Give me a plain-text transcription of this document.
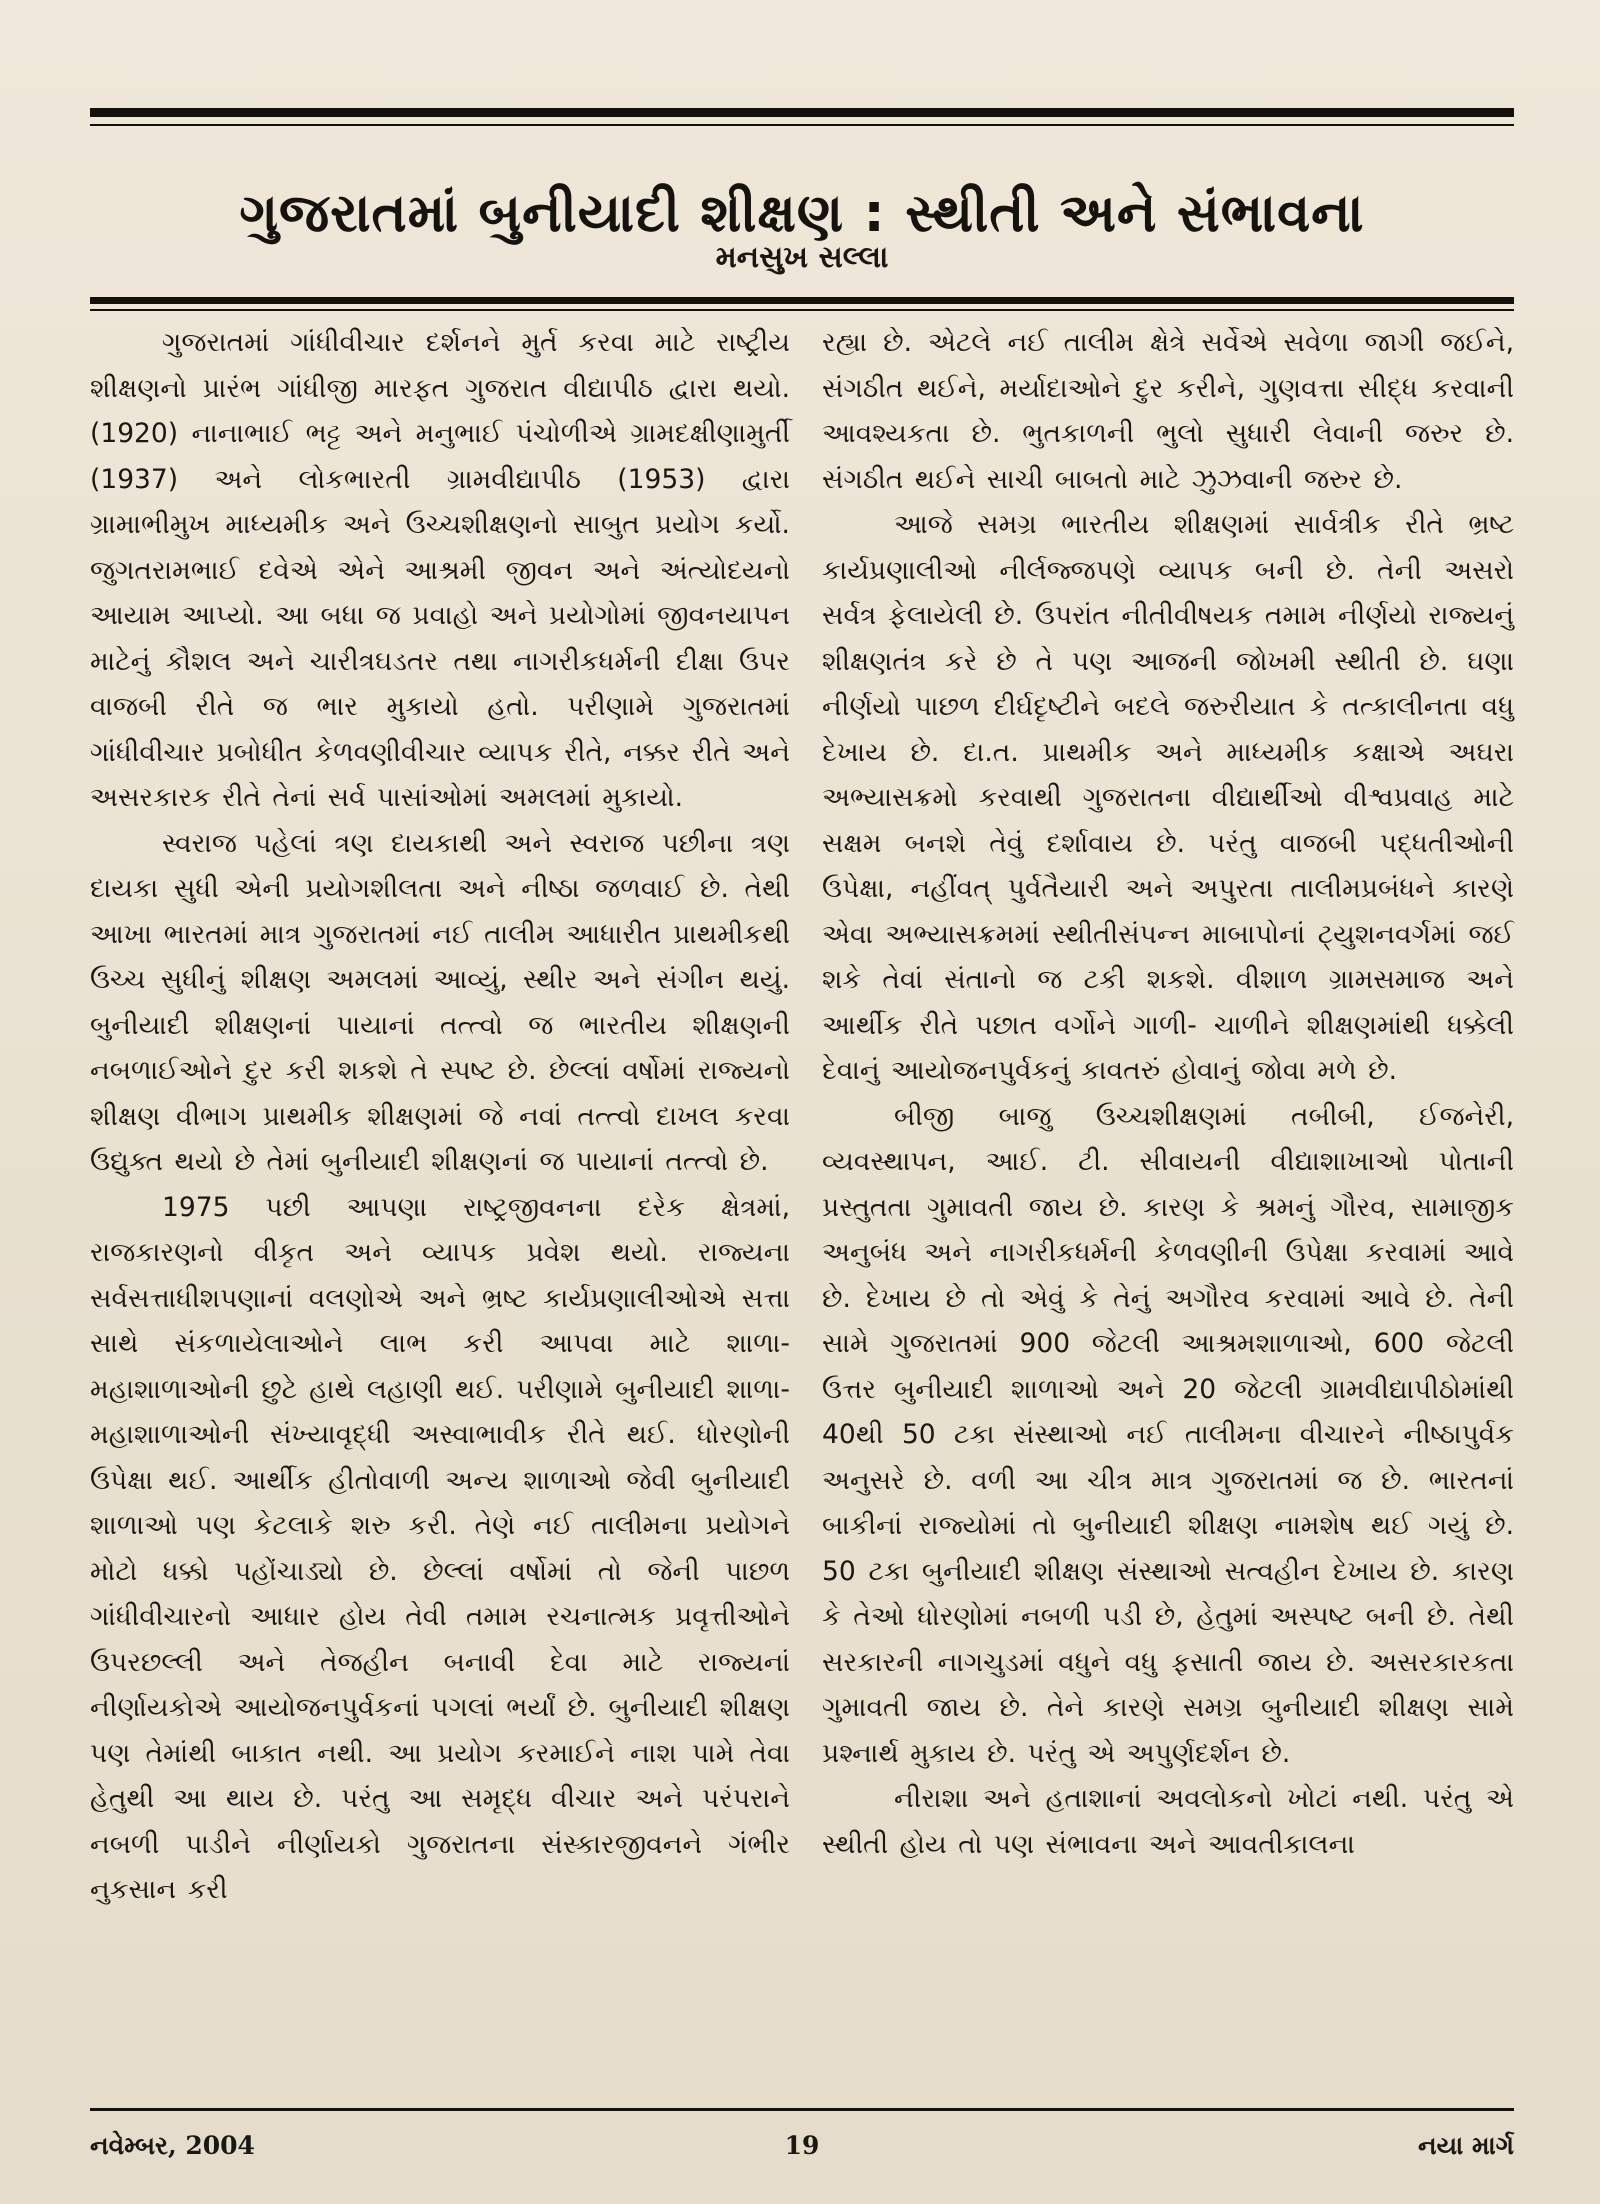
ગુજરાતમાં બુનીયાદી શીક્ષણ : સ્થીતી અને સંભાવના
મનસુખ સલ્લા

ગુજરાતમાં ગાંધીવીચાર દર્શનને મુર્ત કરવા માટે રાષ્ટ્રીય શીક્ષણનો પ્રારંભ ગાંધીજી મારફત ગુજરાત વીદ્યાપીઠ દ્વારા થયો. (1920) નાનાભાઈ ભટ્ટ અને મનુભાઈ પંચોળીએ ગ્રામદક્ષીણામુર્તી (1937) અને લોકભારતી ગ્રામવીદ્યાપીઠ (1953) દ્વારા ગ્રામાભીમુખ માધ્યમીક અને ઉચ્ચશીક્ષણનો સાબુત પ્રયોગ કર્યો. જુગતરામભાઈ દવેએ એને આશ્રમી જીવન અને અંત્યોદયનો આયામ આપ્યો. આ બધા જ પ્રવાહો અને પ્રયોગોમાં જીવનયાપન માટેનું કૌશલ અને ચારીત્રઘડતર તથા નાગરીકધર્મની દીક્ષા ઉપર વાજબી રીતે જ ભાર મુકાયો હતો. પરીણામે ગુજરાતમાં ગાંધીવીચાર પ્રબોધીત કેળવણીવીચાર વ્યાપક રીતે, નક્કર રીતે અને અસરકારક રીતે તેનાં સર્વ પાસાંઓમાં અમલમાં મુકાયો.

સ્વરાજ પહેલાં ત્રણ દાયકાથી અને સ્વરાજ પછીના ત્રણ દાયકા સુધી એની પ્રયોગશીલતા અને નીષ્ઠા જળવાઈ છે. તેથી આખા ભારતમાં માત્ર ગુજરાતમાં નઈ તાલીમ આધારીત પ્રાથમીકથી ઉચ્ચ સુધીનું શીક્ષણ અમલમાં આવ્યું, સ્થીર અને સંગીન થયું. બુનીયાદી શીક્ષણનાં પાયાનાં તત્ત્વો જ ભારતીય શીક્ષણની નબળાઈઓને દુર કરી શકશે તે સ્પષ્ટ છે. છેલ્લાં વર્ષોમાં રાજ્યનો શીક્ષણ વીભાગ પ્રાથમીક શીક્ષણમાં જે નવાં તત્ત્વો દાખલ કરવા ઉદ્યુક્ત થયો છે તેમાં બુનીયાદી શીક્ષણનાં જ પાયાનાં તત્ત્વો છે.

1975 પછી આપણા રાષ્ટ્રજીવનના દરેક ક્ષેત્રમાં, રાજકારણનો વીકૃત અને વ્યાપક પ્રવેશ થયો. રાજ્યના સર્વસત્તાધીશપણાનાં વલણોએ અને ભ્રષ્ટ કાર્યપ્રણાલીઓએ સત્તા સાથે સંકળાયેલાઓને લાભ કરી આપવા માટે શાળા-મહાશાળાઓની છુટે હાથે લહાણી થઈ. પરીણામે બુનીયાદી શાળા-મહાશાળાઓની સંખ્યાવૃદ્ધી અસ્વાભાવીક રીતે થઈ. ધોરણોની ઉપેક્ષા થઈ. આર્થીક હીતોવાળી અન્ય શાળાઓ જેવી બુનીયાદી શાળાઓ પણ કેટલાકે શરુ કરી. તેણે નઈ તાલીમના પ્રયોગને મોટો ધક્કો પહોંચાડ્યો છે. છેલ્લાં વર્ષોમાં તો જેની પાછળ ગાંધીવીચારનો આધાર હોય તેવી તમામ રચનાત્મક પ્રવૃત્તીઓને ઉપરછલ્લી અને તેજહીન બનાવી દેવા માટે રાજ્યનાં નીર્ણાયકોએ આયોજનપુર્વકનાં પગલાં ભર્યાં છે. બુનીયાદી શીક્ષણ પણ તેમાંથી બાકાત નથી. આ પ્રયોગ કરમાઈને નાશ પામે તેવા હેતુથી આ થાય છે. પરંતુ આ સમૃદ્ધ વીચાર અને પરંપરાને નબળી પાડીને નીર્ણાયકો ગુજરાતના સંસ્કારજીવનને ગંભીર નુકસાન કરી

રહ્યા છે. એટલે નઈ તાલીમ ક્ષેત્રે સર્વેએ સવેળા જાગી જઈને, સંગઠીત થઈને, મર્યાદાઓને દુર કરીને, ગુણવત્તા સીદ્ધ કરવાની આવશ્યકતા છે. ભુતકાળની ભુલો સુધારી લેવાની જરુર છે. સંગઠીત થઈને સાચી બાબતો માટે ઝુઝવાની જરુર છે.

આજે સમગ્ર ભારતીય શીક્ષણમાં સાર્વત્રીક રીતે ભ્રષ્ટ કાર્યપ્રણાલીઓ નીર્લજ્જપણે વ્યાપક બની છે. તેની અસરો સર્વત્ર ફેલાયેલી છે. ઉપરાંત નીતીવીષયક તમામ નીર્ણયો રાજ્યનું શીક્ષણતંત્ર કરે છે તે પણ આજની જોખમી સ્થીતી છે. ઘણા નીર્ણયો પાછળ દીર્ઘદૃષ્ટીને બદલે જરુરીયાત કે તત્કાલીનતા વધુ દેખાય છે. દા.ત. પ્રાથમીક અને માધ્યમીક કક્ષાએ અઘરા અભ્યાસક્રમો કરવાથી ગુજરાતના વીદ્યાર્થીઓ વીશ્વપ્રવાહ માટે સક્ષમ બનશે તેવું દર્શાવાય છે. પરંતુ વાજબી પદ્ધતીઓની ઉપેક્ષા, નહીંવત્ પુર્વતૈયારી અને અપુરતા તાલીમપ્રબંધને કારણે એવા અભ્યાસક્રમમાં સ્થીતીસંપન્ન માબાપોનાં ટ્યુશનવર્ગમાં જઈ શકે તેવાં સંતાનો જ ટકી શકશે. વીશાળ ગ્રામસમાજ અને આર્થીક રીતે પછાત વર્ગોને ગાળી- ચાળીને શીક્ષણમાંથી ધક્કેલી દેવાનું આયોજનપુર્વકનું કાવતરું હોવાનું જોવા મળે છે.

બીજી બાજુ ઉચ્ચશીક્ષણમાં તબીબી, ઈજનેરી, વ્યવસ્થાપન, આઈ. ટી. સીવાયની વીદ્યાશાખાઓ પોતાની પ્રસ્તુતતા ગુમાવતી જાય છે. કારણ કે શ્રમનું ગૌરવ, સામાજીક અનુબંધ અને નાગરીકધર્મની કેળવણીની ઉપેક્ષા કરવામાં આવે છે. દેખાય છે તો એવું કે તેનું અગૌરવ કરવામાં આવે છે. તેની સામે ગુજરાતમાં 900 જેટલી આશ્રમશાળાઓ, 600 જેટલી ઉત્તર બુનીયાદી શાળાઓ અને 20 જેટલી ગ્રામવીદ્યાપીઠોમાંથી 40થી 50 ટકા સંસ્થાઓ નઈ તાલીમના વીચારને નીષ્ઠાપુર્વક અનુસરે છે. વળી આ ચીત્ર માત્ર ગુજરાતમાં જ છે. ભારતનાં બાકીનાં રાજ્યોમાં તો બુનીયાદી શીક્ષણ નામશેષ થઈ ગયું છે. 50 ટકા બુનીયાદી શીક્ષણ સંસ્થાઓ સત્વહીન દેખાય છે. કારણ કે તેઓ ધોરણોમાં નબળી પડી છે, હેતુમાં અસ્પષ્ટ બની છે. તેથી સરકારની નાગચુડમાં વધુને વધુ ફસાતી જાય છે. અસરકારકતા ગુમાવતી જાય છે. તેને કારણે સમગ્ર બુનીયાદી શીક્ષણ સામે પ્રશ્નાર્થ મુકાય છે. પરંતુ એ અપુર્ણદર્શન છે.

નીરાશા અને હતાશાનાં અવલોકનો ખોટાં નથી. પરંતુ એ સ્થીતી હોય તો પણ સંભાવના અને આવતીકાલના

નવેમ્બર, 2004	19	નયા માર્ગ
